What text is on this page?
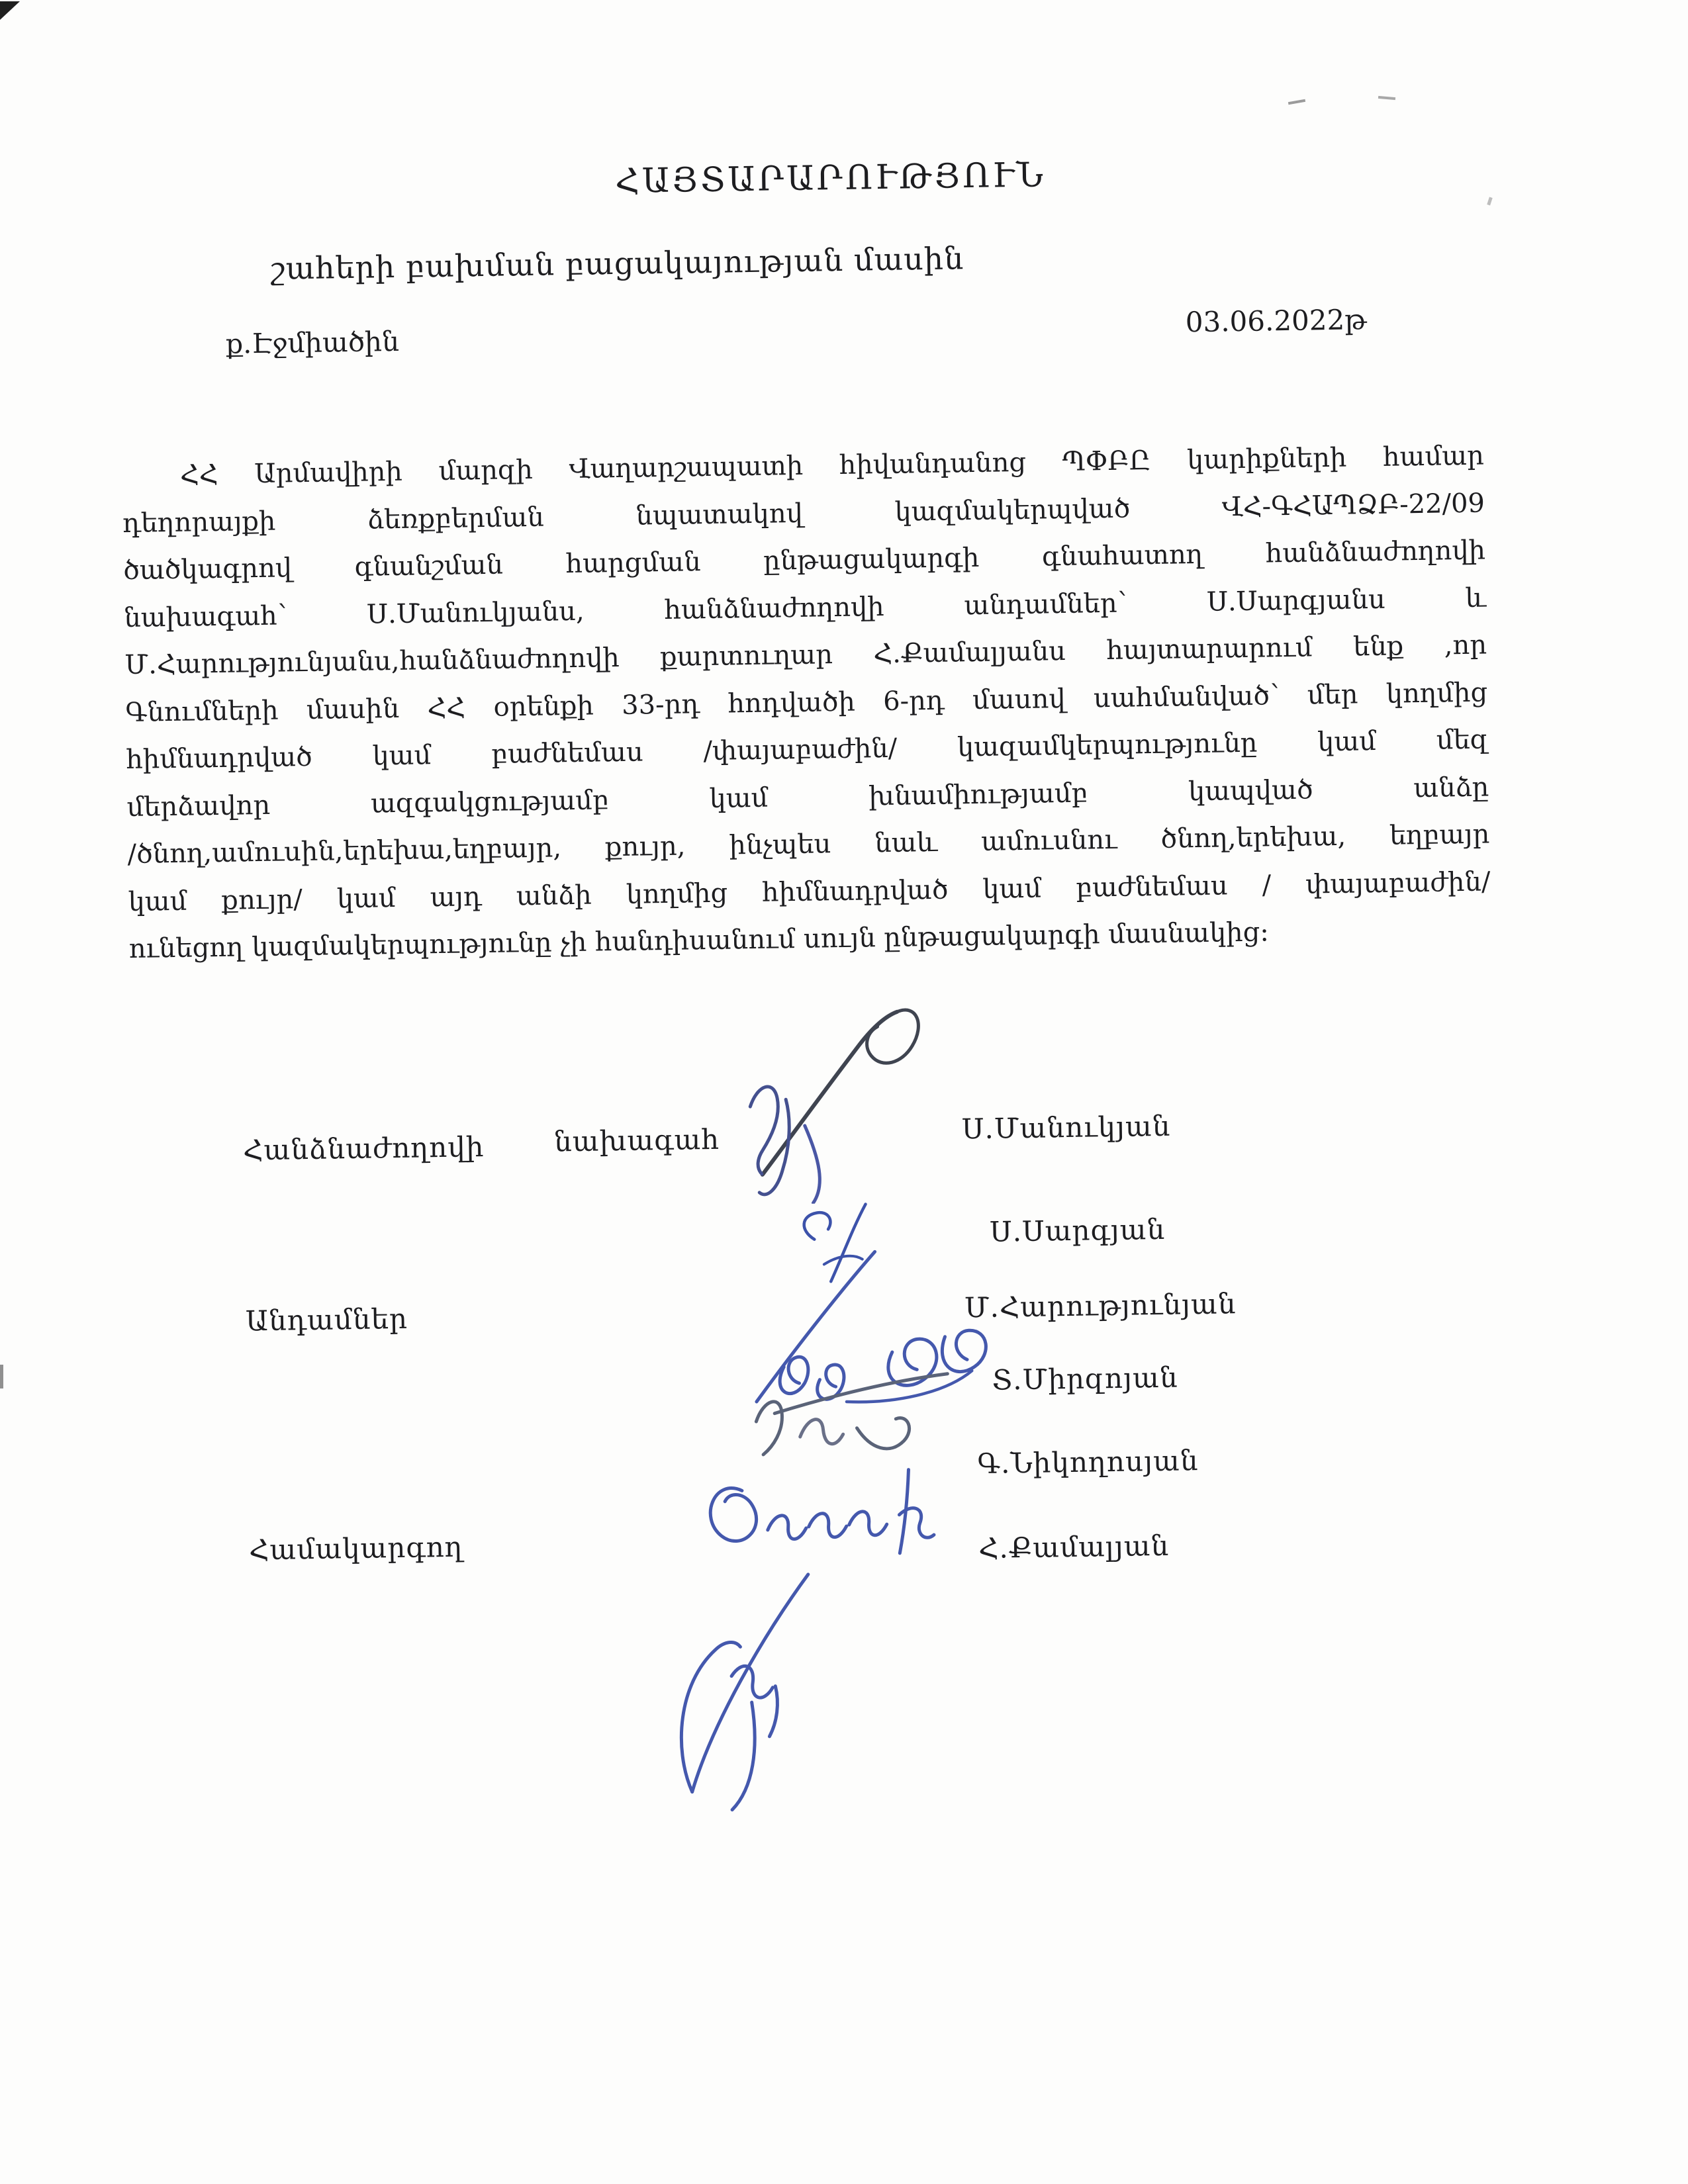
ՀԱՅՏԱՐԱՐՈՒԹՅՈՒՆ
շահերի բախման բացակայության մասին
ք.Էջմիածին
03.06.2022թ
ՀՀ Արմավիրի մարզի Վաղարշապատի հիվանդանոց ՊՓԲԸ կարիքների համար
դեղորայքի ձեռքբերման նպատակով կազմակերպված ՎՀ-ԳՀԱՊՁԲ-22/09
ծածկագրով գնանշման հարցման ընթացակարգի գնահատող հանձնաժողովի
նախագահ՝ Ս.Մանուկյանս, հանձնաժողովի անդամներ՝ Ս.Սարգյանս և
Մ.Հարությունյանս,հանձնաժողովի քարտուղար Հ.Քամալյանս հայտարարում ենք ,որ
Գնումների մասին ՀՀ օրենքի 33-րդ հոդվածի 6-րդ մասով սահմանված՝ մեր կողմից
հիմնադրված կամ բաժնեմաս /փայաբաժին/ կազամկերպությունը կամ մեզ
մերձավոր ազգակցությամբ կամ խնամիությամբ կապված անձը
/ծնող,ամուսին,երեխա,եղբայր, քույր, ինչպես նաև ամուսնու ծնող,երեխա, եղբայր
կամ քույր/ կամ այդ անձի կողմից հիմնադրված կամ բաժնեմաս / փայաբաժին/
ունեցող կազմակերպությունը չի հանդիսանում սույն ընթացակարգի մասնակից։
Հանձնաժողովի նախագահ
Անդամներ
Համակարգող
Ս.Մանուկյան
Ս.Սարգյան
Մ.Հարությունյան
Տ.Միրզոյան
Գ.Նիկողոսյան
Հ.Քամալյան
